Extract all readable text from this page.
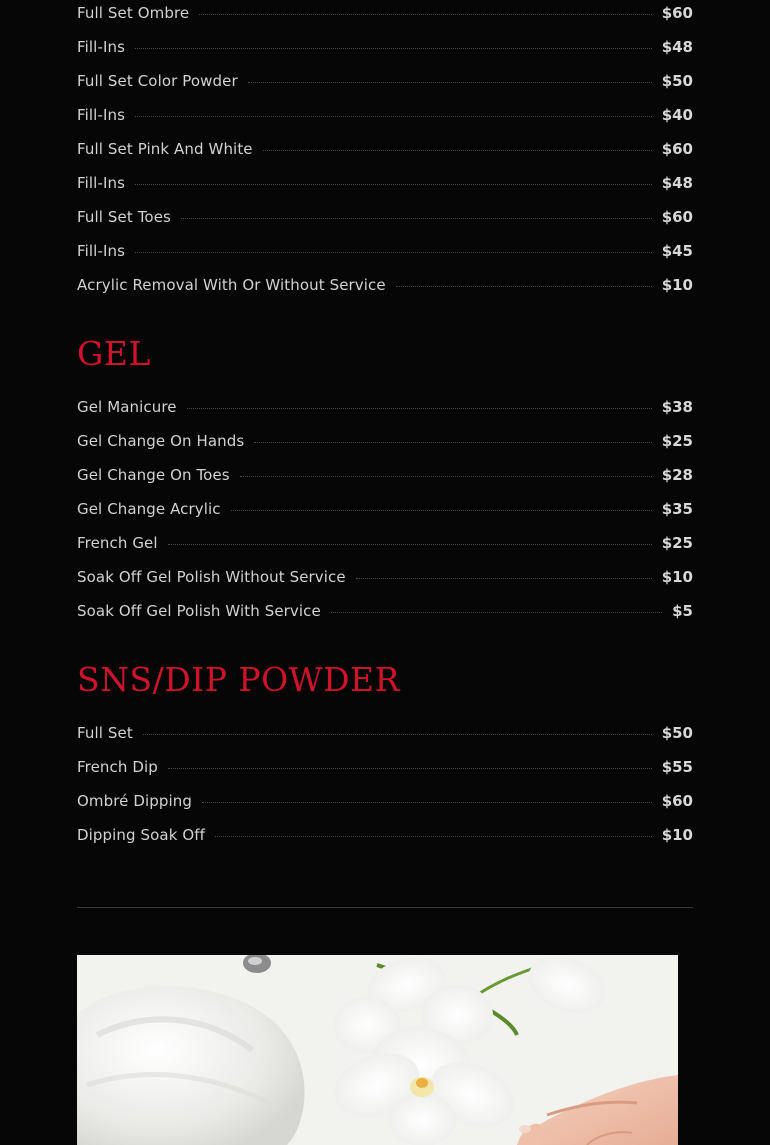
Full Set Ombre	$60
Fill-Ins	$48
Full Set Color Powder	$50
Fill-Ins	$40
Full Set Pink And White	$60
Fill-Ins	$48
Full Set Toes	$60
Fill-Ins	$45
Acrylic Removal With Or Without Service	$10
GEL
Gel Manicure	$38
Gel Change On Hands	$25
Gel Change On Toes	$28
Gel Change Acrylic	$35
French Gel	$25
Soak Off Gel Polish Without Service	$10
Soak Off Gel Polish With Service	$5
SNS/DIP POWDER
Full Set	$50
French Dip	$55
Ombré Dipping	$60
Dipping Soak Off	$10
